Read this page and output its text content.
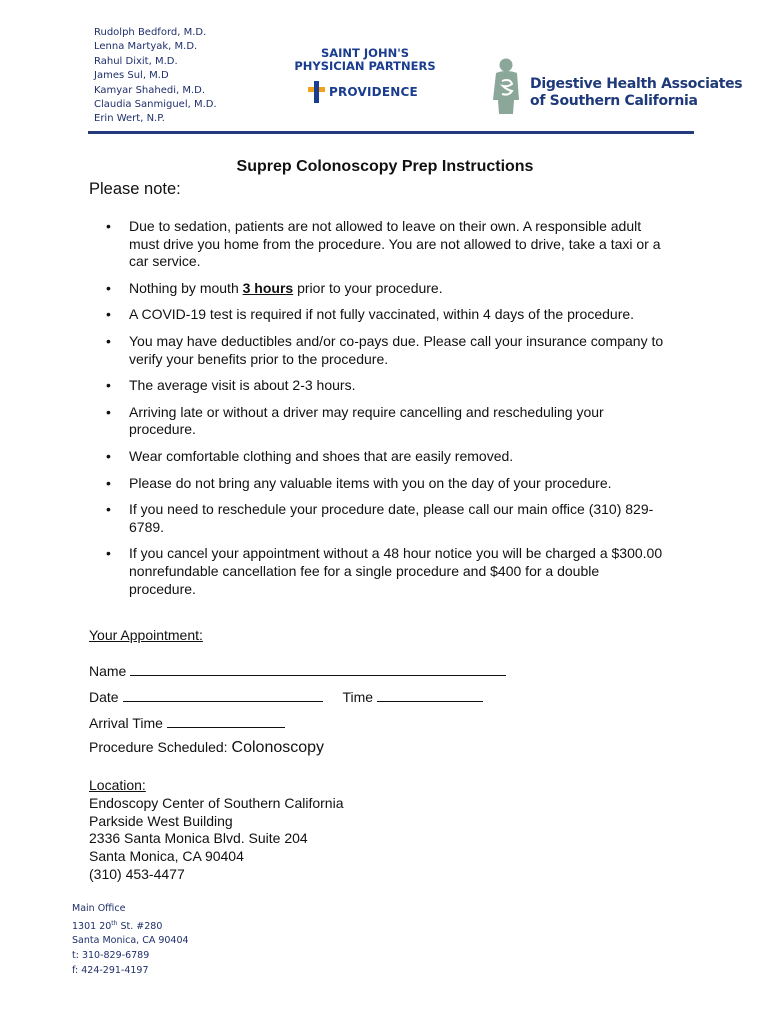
Rudolph Bedford, M.D.
Lenna Martyak, M.D.
Rahul Dixit, M.D.
James Sul, M.D
Kamyar Shahedi, M.D.
Claudia Sanmiguel, M.D.
Erin Wert, N.P.
SAINT JOHN'S
PHYSICIAN PARTNERS
PROVIDENCE	Digestive Health Associates
of Southern California
Suprep Colonoscopy Prep Instructions
Please note:
• Due to sedation, patients are not allowed to leave on their own. A responsible adult must drive you home from the procedure. You are not allowed to drive, take a taxi or a car service.
• Nothing by mouth 3 hours prior to your procedure.
• A COVID-19 test is required if not fully vaccinated, within 4 days of the procedure.
• You may have deductibles and/or co-pays due. Please call your insurance company to verify your benefits prior to the procedure.
• The average visit is about 2-3 hours.
• Arriving late or without a driver may require cancelling and rescheduling your procedure.
• Wear comfortable clothing and shoes that are easily removed.
• Please do not bring any valuable items with you on the day of your procedure.
• If you need to reschedule your procedure date, please call our main office (310) 829-6789.
• If you cancel your appointment without a 48 hour notice you will be charged a $300.00 nonrefundable cancellation fee for a single procedure and $400 for a double procedure.
Your Appointment:
Name
Date	Time
Arrival Time
Procedure Scheduled: Colonoscopy
Location:
Endoscopy Center of Southern California
Parkside West Building
2336 Santa Monica Blvd. Suite 204
Santa Monica, CA 90404
(310) 453-4477
Main Office
1301 20th St. #280
Santa Monica, CA 90404
t: 310-829-6789
f: 424-291-4197
